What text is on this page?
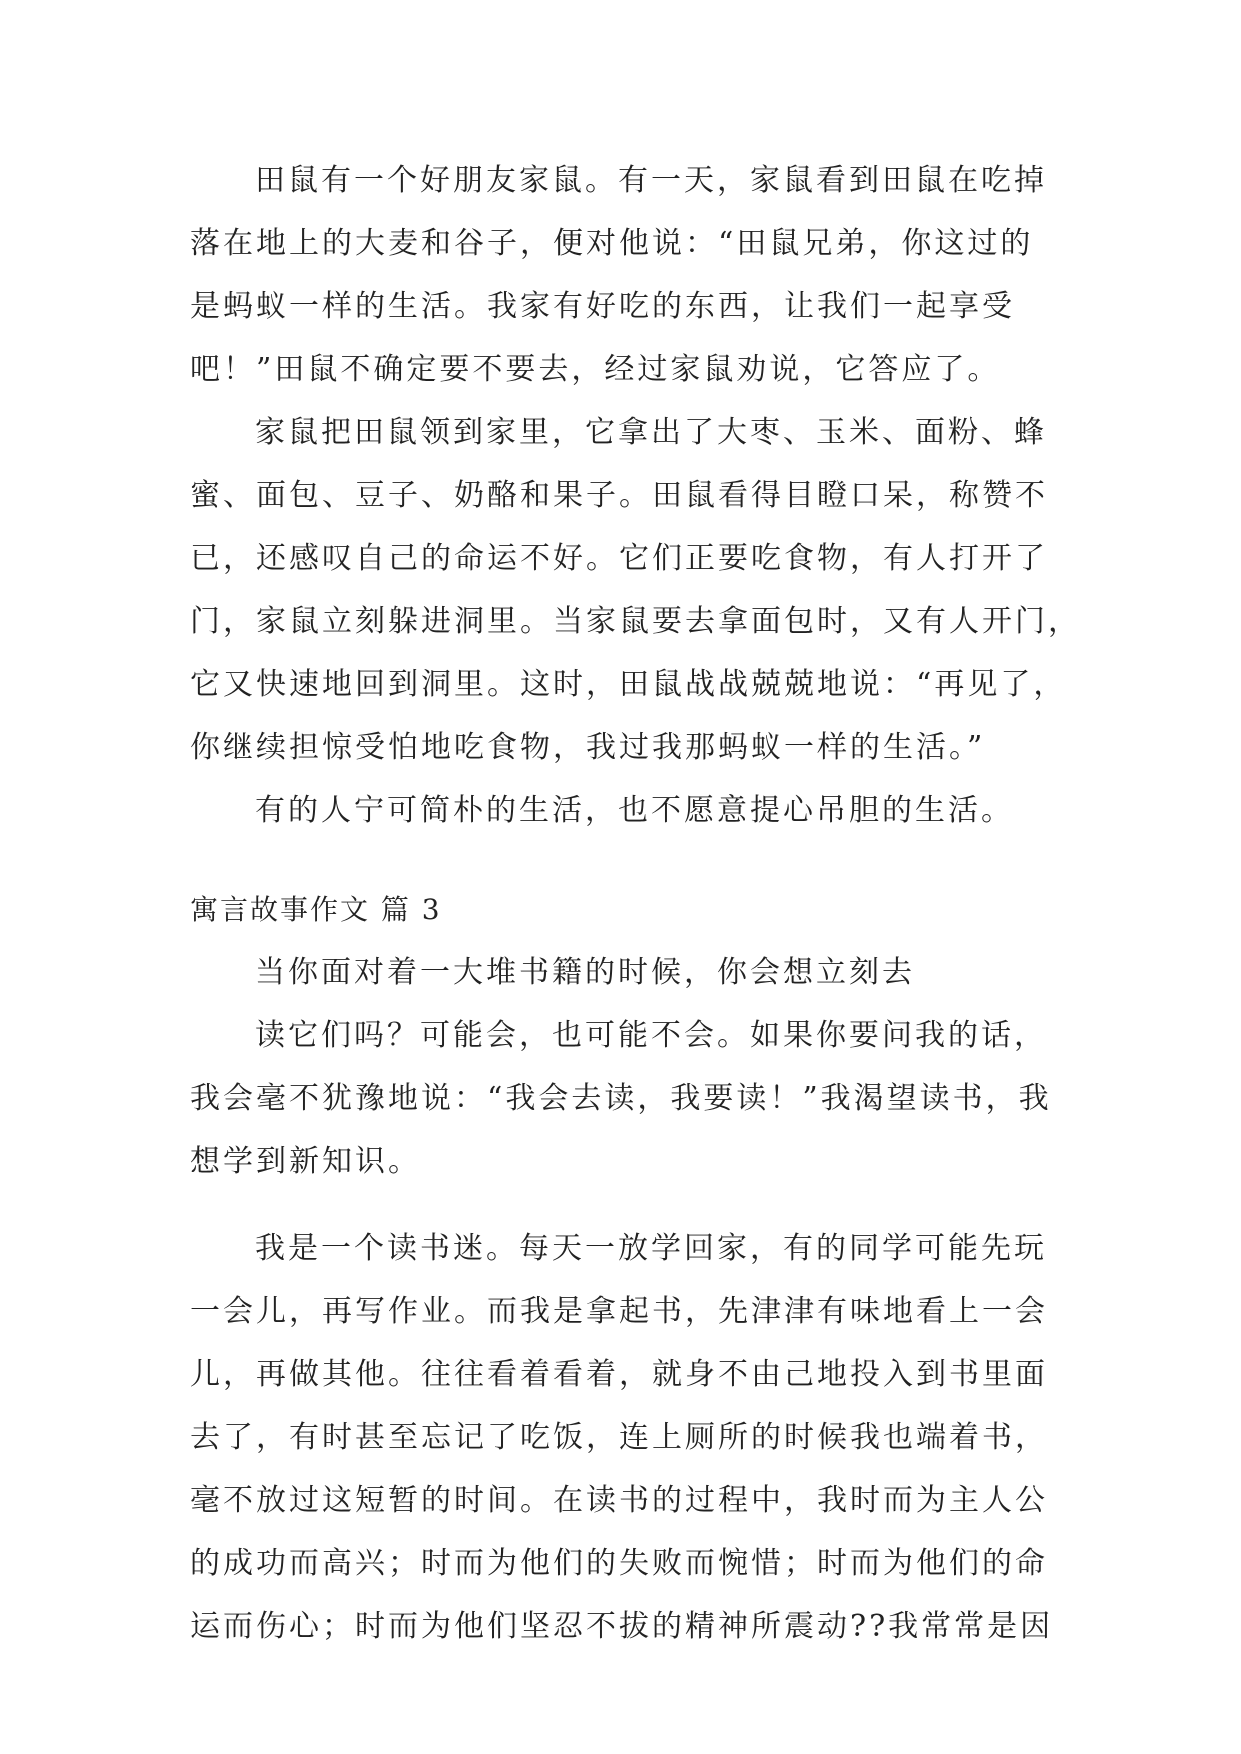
田鼠有一个好朋友家鼠。有一天，家鼠看到田鼠在吃掉
落在地上的大麦和谷子，便对他说：“田鼠兄弟，你这过的
是蚂蚁一样的生活。我家有好吃的东西，让我们一起享受
吧！”田鼠不确定要不要去，经过家鼠劝说，它答应了。
家鼠把田鼠领到家里，它拿出了大枣、玉米、面粉、蜂
蜜、面包、豆子、奶酪和果子。田鼠看得目瞪口呆，称赞不
已，还感叹自己的命运不好。它们正要吃食物，有人打开了
门，家鼠立刻躲进洞里。当家鼠要去拿面包时，又有人开门，
它又快速地回到洞里。这时，田鼠战战兢兢地说：“再见了，
你继续担惊受怕地吃食物，我过我那蚂蚁一样的生活。”
有的人宁可简朴的生活，也不愿意提心吊胆的生活。
寓言故事作文 篇 3
当你面对着一大堆书籍的时候，你会想立刻去
读它们吗？可能会，也可能不会。如果你要问我的话，
我会毫不犹豫地说：“我会去读，我要读！”我渴望读书，我
想学到新知识。
我是一个读书迷。每天一放学回家，有的同学可能先玩
一会儿，再写作业。而我是拿起书，先津津有味地看上一会
儿，再做其他。往往看着看着，就身不由己地投入到书里面
去了，有时甚至忘记了吃饭，连上厕所的时候我也端着书，
毫不放过这短暂的时间。在读书的过程中，我时而为主人公
的成功而高兴；时而为他们的失败而惋惜；时而为他们的命
运而伤心；时而为他们坚忍不拔的精神所震动??我常常是因
